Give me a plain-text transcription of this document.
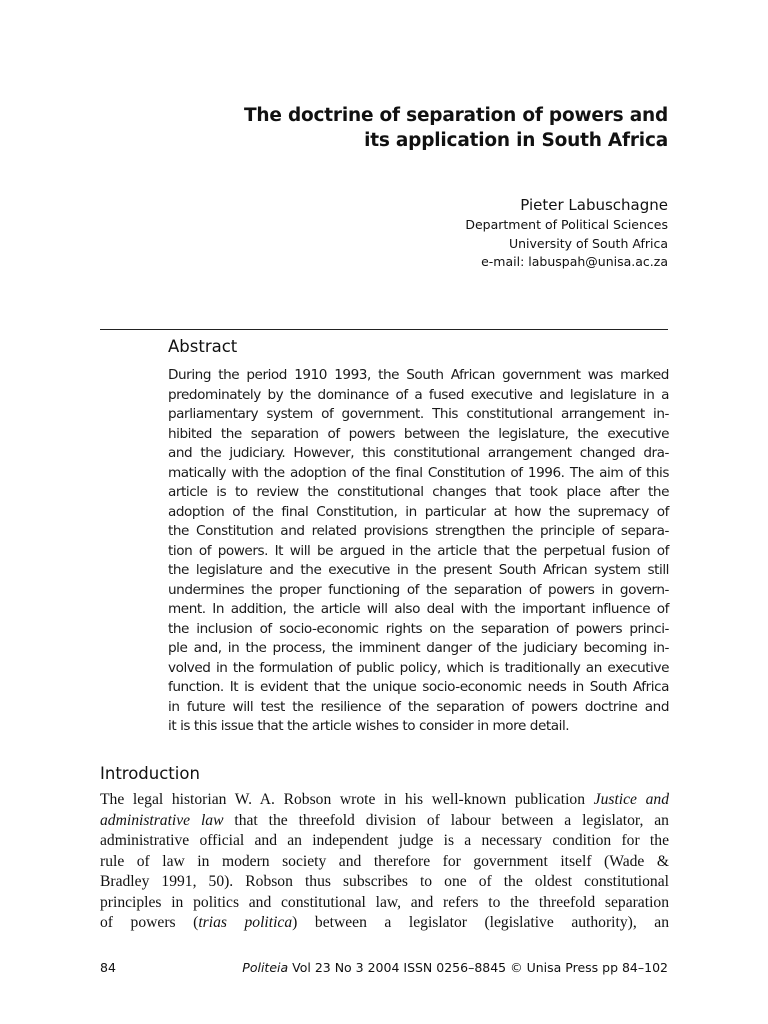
The doctrine of separation of powers and
its application in South Africa
Pieter Labuschagne
Department of Political Sciences
University of South Africa
e-mail: labuspah@unisa.ac.za
Abstract
During the period 1910 1993, the South African government was marked
predominately by the dominance of a fused executive and legislature in a
parliamentary system of government. This constitutional arrangement in-
hibited the separation of powers between the legislature, the executive
and the judiciary. However, this constitutional arrangement changed dra-
matically with the adoption of the final Constitution of 1996. The aim of this
article is to review the constitutional changes that took place after the
adoption of the final Constitution, in particular at how the supremacy of
the Constitution and related provisions strengthen the principle of separa-
tion of powers. It will be argued in the article that the perpetual fusion of
the legislature and the executive in the present South African system still
undermines the proper functioning of the separation of powers in govern-
ment. In addition, the article will also deal with the important influence of
the inclusion of socio-economic rights on the separation of powers princi-
ple and, in the process, the imminent danger of the judiciary becoming in-
volved in the formulation of public policy, which is traditionally an executive
function. It is evident that the unique socio-economic needs in South Africa
in future will test the resilience of the separation of powers doctrine and
it is this issue that the article wishes to consider in more detail.
Introduction
The legal historian W. A. Robson wrote in his well-known publication Justice and
administrative law that the threefold division of labour between a legislator, an
administrative official and an independent judge is a necessary condition for the
rule of law in modern society and therefore for government itself (Wade &
Bradley 1991, 50). Robson thus subscribes to one of the oldest constitutional
principles in politics and constitutional law, and refers to the threefold separation
of powers (trias politica) between a legislator (legislative authority), an
84	Politeia Vol 23 No 3 2004 ISSN 0256–8845 © Unisa Press pp 84–102
